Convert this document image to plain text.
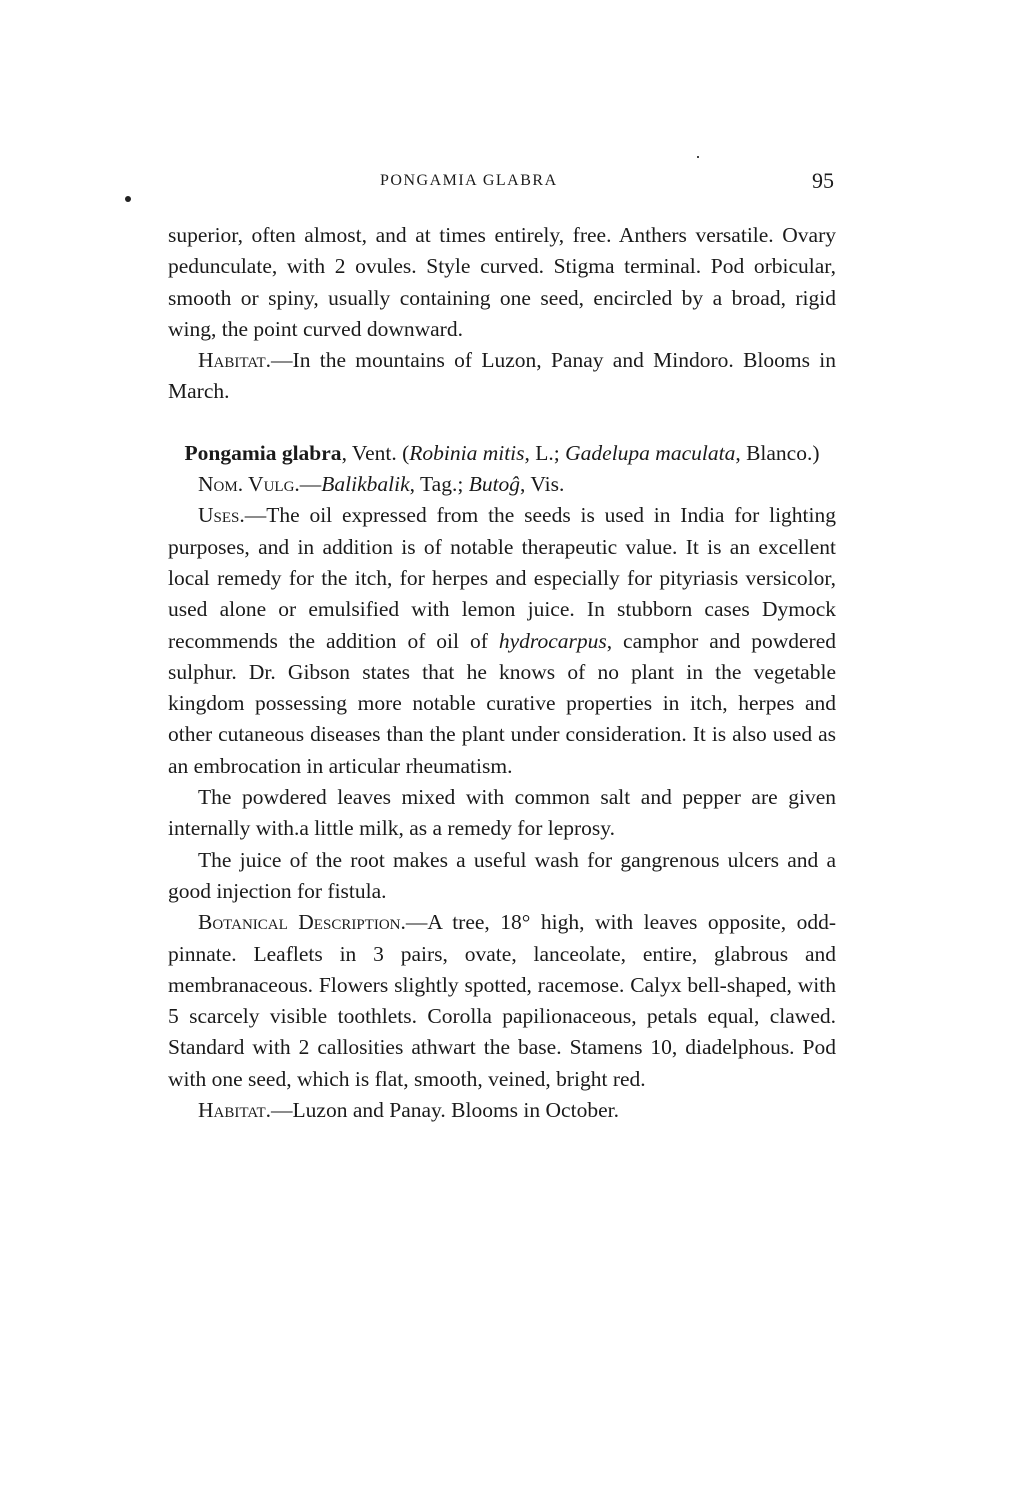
PONGAMIA GLABRA	95

superior, often almost, and at times entirely, free. Anthers versatile. Ovary pedunculate, with 2 ovules. Style curved. Stigma terminal. Pod orbicular, smooth or spiny, usually containing one seed, encircled by a broad, rigid wing, the point curved downward.

Habitat.—In the mountains of Luzon, Panay and Mindoro. Blooms in March.

Pongamia glabra, Vent. (Robinia mitis, L.; Gadelupa maculata, Blanco.)

Nom. Vulg.—Balikbalik, Tag.; Butoĝ, Vis.

Uses.—The oil expressed from the seeds is used in India for lighting purposes, and in addition is of notable therapeutic value. It is an excellent local remedy for the itch, for herpes and especially for pityriasis versicolor, used alone or emulsified with lemon juice. In stubborn cases Dymock recommends the addition of oil of hydrocarpus, camphor and powdered sulphur. Dr. Gibson states that he knows of no plant in the vegetable kingdom possessing more notable curative properties in itch, herpes and other cutaneous diseases than the plant under consideration. It is also used as an embrocation in articular rheumatism.

The powdered leaves mixed with common salt and pepper are given internally with.a little milk, as a remedy for leprosy.

The juice of the root makes a useful wash for gangrenous ulcers and a good injection for fistula.

Botanical Description.—A tree, 18° high, with leaves opposite, odd-pinnate. Leaflets in 3 pairs, ovate, lanceolate, entire, glabrous and membranaceous. Flowers slightly spotted, racemose. Calyx bell-shaped, with 5 scarcely visible toothlets. Corolla papilionaceous, petals equal, clawed. Standard with 2 callosities athwart the base. Stamens 10, diadelphous. Pod with one seed, which is flat, smooth, veined, bright red.

Habitat.—Luzon and Panay. Blooms in October.
